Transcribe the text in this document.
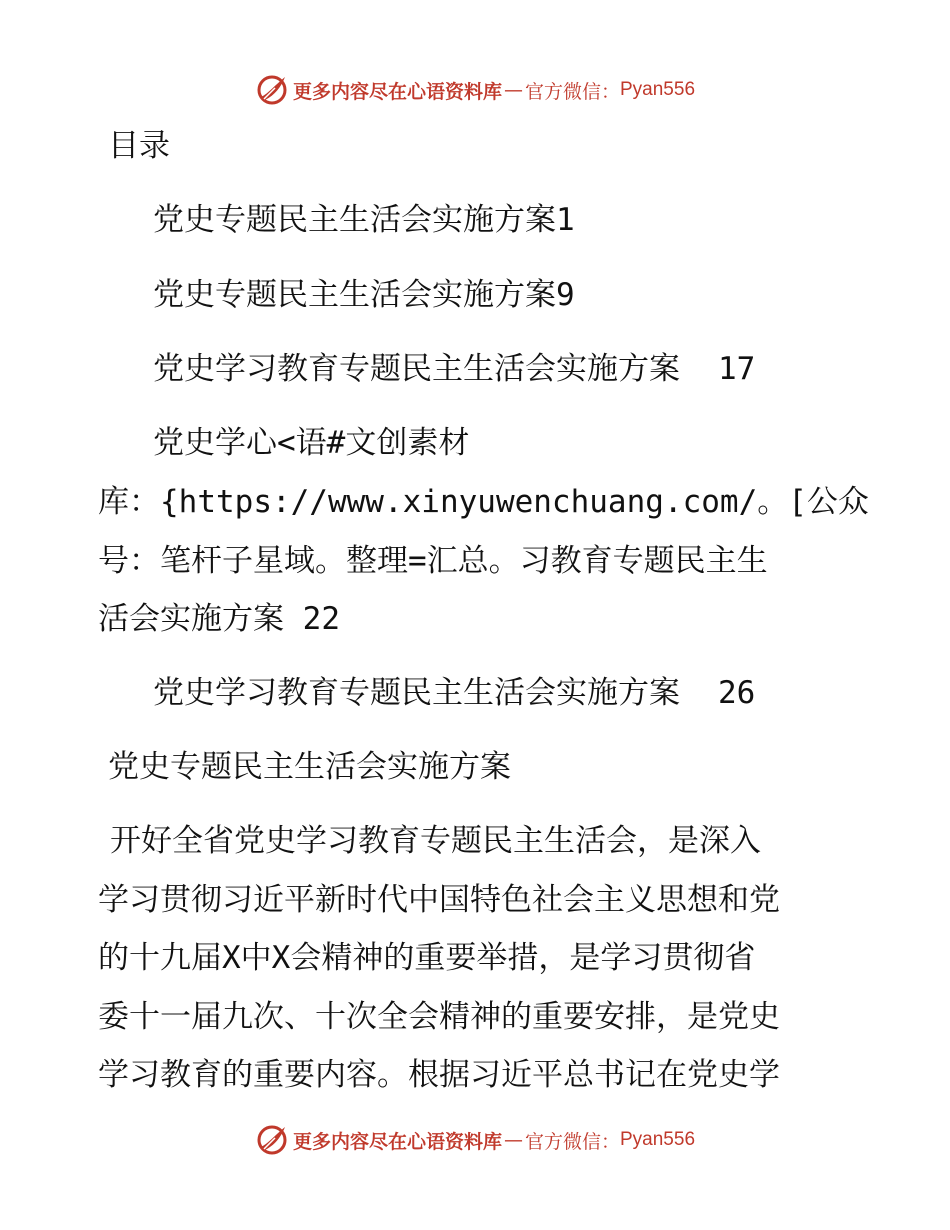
更多内容尽在心语资料库 — 官方微信： Pyan556
目录
党史专题民主生活会实施方案1
党史专题民主生活会实施方案9
党史学习教育专题民主生活会实施方案 17
党史学心<语#文创素材
库：{https://www.xinyuwenchuang.com/。[公众
号：笔杆子星域。整理=汇总。习教育专题民主生
活会实施方案 22
党史学习教育专题民主生活会实施方案 26
党史专题民主生活会实施方案
开好全省党史学习教育专题民主生活会，是深入
学习贯彻习近平新时代中国特色社会主义思想和党
的十九届X中X会精神的重要举措，是学习贯彻省
委十一届九次、十次全会精神的重要安排，是党史
学习教育的重要内容。根据习近平总书记在党史学
更多内容尽在心语资料库 — 官方微信： Pyan556
